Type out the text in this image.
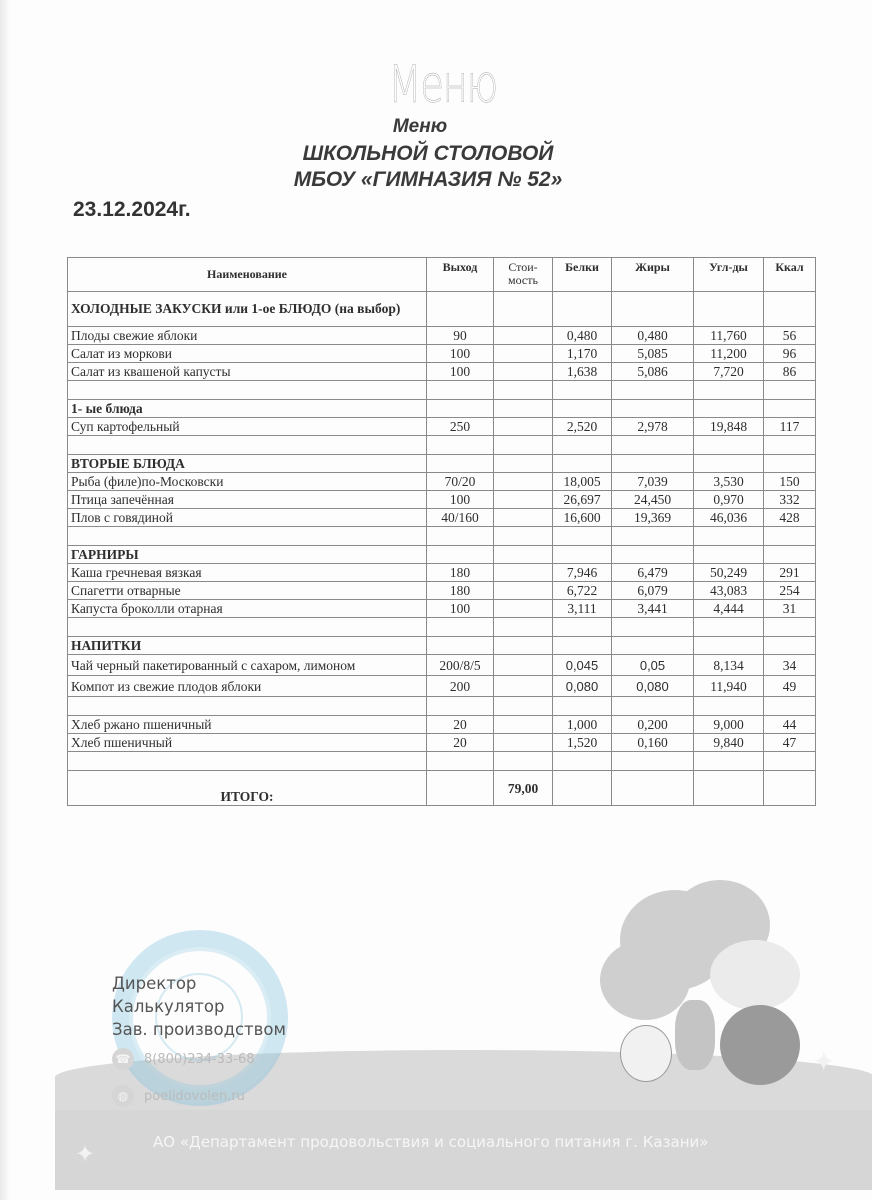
Меню
Меню
ШКОЛЬНОЙ СТОЛОВОЙ
МБОУ «ГИМНАЗИЯ № 52»
23.12.2024г.
Наименование	Выход	Стои-мость	Белки	Жиры	Угл-ды	Ккал
ХОЛОДНЫЕ ЗАКУСКИ или 1-ое БЛЮДО (на выбор)						
Плоды свежие яблоки	90		0,480	0,480	11,760	56
Салат из моркови	100		1,170	5,085	11,200	96
Салат из квашеной капусты	100		1,638	5,086	7,720	86

1- ые блюда						
Суп картофельный	250		2,520	2,978	19,848	117

ВТОРЫЕ БЛЮДА						
Рыба (филе)по-Московски	70/20		18,005	7,039	3,530	150
Птица запечённая	100		26,697	24,450	0,970	332
Плов с говядиной	40/160		16,600	19,369	46,036	428

ГАРНИРЫ						
Каша гречневая вязкая	180		7,946	6,479	50,249	291
Спагетти отварные	180		6,722	6,079	43,083	254
Капуста броколли отарная	100		3,111	3,441	4,444	31

НАПИТКИ						
Чай черный пакетированный с сахаром, лимоном	200/8/5		0,045	0,05	8,134	34
Компот из свежие плодов яблоки	200		0,080	0,080	11,940	49

Хлеб ржано пшеничный	20		1,000	0,200	9,000	44
Хлеб пшеничный	20		1,520	0,160	9,840	47

ИТОГО:		79,00				
АО «Департамент продовольствия и социального питания г. Казани»
✦
✦
Директор
Калькулятор
Зав. производством
☎ 8(800)234-33-68
◍	poelidovolen.ru
